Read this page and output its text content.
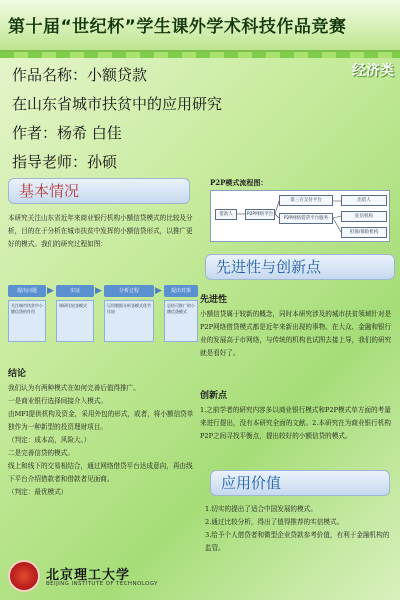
第十届“世纪杯”学生课外学术科技作品竞赛
经济类
作品名称：小额贷款
在山东省城市扶贫中的应用研究
作者：杨希 白佳
指导老师：孙硕
基本情况
本研究关注山东省近年来商业银行机构小额信贷模式的比较及分析，目的在于分析在城市扶贫中发挥的小额信贷形式，以推广更好的模式。我们的研究过程如图：
提出问题
关注城市扶贫中小额信贷的作用
▶	实证
调研比较各模式
▶	分析过程
运用数据分析各模式优劣比较
▶	提出对策
总结可推广的小额信贷模式
结论
我们认为有两种模式在如何完善后值得推广。
一是商业银行选择间接介入模式。
由MFI提供机构及资金，采用外包的形式，或者，将小额信贷单独作为一种新型的投资理财项目。
（判定：成本高，风险大。）
二是完善信贷的模式。
线上和线下的交易相结合，通过网络借贷平台达成意向，再由线下平台介绍借款者和借款者见面商。
（判定：最优模式）
P2P模式流程图：
借款人	P2P网络平台
第三方支付平台
P2P网络借贷平台服务
出借人
征信机构
担保/保险机构
先进性与创新点
先进性
小额信贷属于较新的概念，同时本研究涉及的城市扶贫领域针对是P2P网络借贷模式都是近年来新出现的事物。在大众、金融和银行业的发展高于市网络，与传统的机构也试图去接上导，我们的研究就是看好了。
创新点
1.之前学者的研究内容多以商业银行模式和P2P模式单方面的考量来进行提出，没有本研究全面的文献。2.本研究在为商业银行机构P2P之间寻找平衡点，提出较好的小额信贷的模式。
应用价值
1.切实的提出了适合中国发展的模式。
2.通过比较分析，得出了值得推荐的实信模式。
3.给予个人借贷者和微型企业贷款参考价值，有利于金融机构的监管。
北京理工大学
BEIJING INSTITUTE OF TECHNOLOGY
